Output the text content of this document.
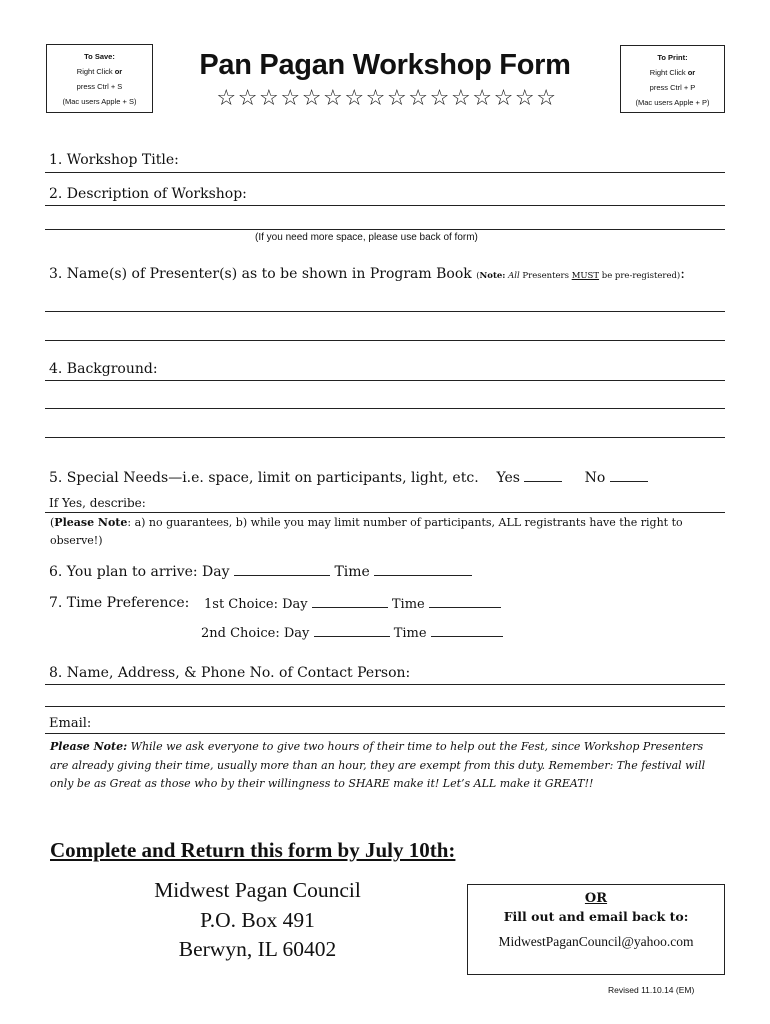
To Save:
Right Click or
press Ctrl + S
(Mac users Apple + S)
Pan Pagan Workshop Form
☆☆☆☆☆☆☆☆☆☆☆☆☆☆☆☆
To Print:
Right Click or
press Ctrl + P
(Mac users Apple + P)
1. Workshop Title:
2. Description of Workshop:
(If you need more space, please use back of form)
3. Name(s) of Presenter(s) as to be shown in Program Book (Note: All Presenters MUST be pre-registered):
4. Background:
5. Special Needs—i.e. space, limit on participants, light, etc. Yes	No
If Yes, describe:
(Please Note: a) no guarantees, b) while you may limit number of participants, ALL registrants have the right to observe!)
6. You plan to arrive: Day	Time
7. Time Preference: 1st Choice: Day	Time
2nd Choice: Day	Time
8. Name, Address, & Phone No. of Contact Person:
Email:
Please Note: While we ask everyone to give two hours of their time to help out the Fest, since Workshop Presenters are already giving their time, usually more than an hour, they are exempt from this duty. Remember: The festival will only be as Great as those who by their willingness to SHARE make it! Let’s ALL make it GREAT!!
Complete and Return this form by July 10th:
Midwest Pagan Council
P.O. Box 491
Berwyn, IL 60402
OR
Fill out and email back to:
MidwestPaganCouncil@yahoo.com
Revised 11.10.14 (EM)
